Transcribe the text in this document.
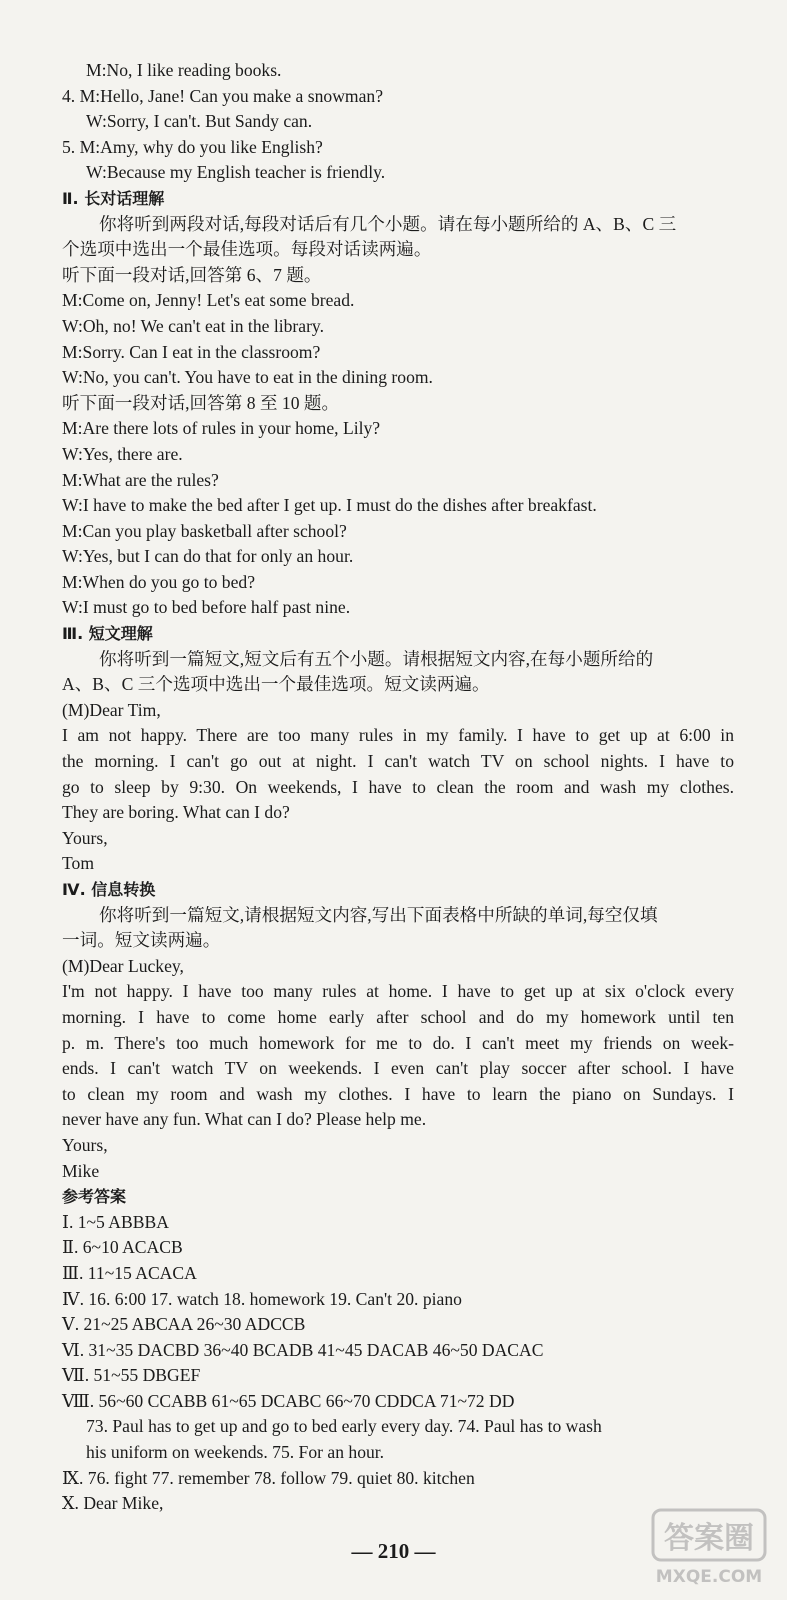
M:No, I like reading books.
4. M:Hello, Jane! Can you make a snowman?
W:Sorry, I can't. But Sandy can.
5. M:Amy, why do you like English?
W:Because my English teacher is friendly.
Ⅱ. 长对话理解
你将听到两段对话,每段对话后有几个小题。请在每小题所给的 A、B、C 三
个选项中选出一个最佳选项。每段对话读两遍。
听下面一段对话,回答第 6、7 题。
M:Come on, Jenny! Let's eat some bread.
W:Oh, no! We can't eat in the library.
M:Sorry. Can I eat in the classroom?
W:No, you can't. You have to eat in the dining room.
听下面一段对话,回答第 8 至 10 题。
M:Are there lots of rules in your home, Lily?
W:Yes, there are.
M:What are the rules?
W:I have to make the bed after I get up. I must do the dishes after breakfast.
M:Can you play basketball after school?
W:Yes, but I can do that for only an hour.
M:When do you go to bed?
W:I must go to bed before half past nine.
Ⅲ. 短文理解
你将听到一篇短文,短文后有五个小题。请根据短文内容,在每小题所给的
A、B、C 三个选项中选出一个最佳选项。短文读两遍。
(M)Dear Tim,
I am not happy. There are too many rules in my family. I have to get up at 6:00 in
the morning. I can't go out at night. I can't watch TV on school nights. I have to
go to sleep by 9:30. On weekends, I have to clean the room and wash my clothes.
They are boring. What can I do?
Yours,
Tom
Ⅳ. 信息转换
你将听到一篇短文,请根据短文内容,写出下面表格中所缺的单词,每空仅填
一词。短文读两遍。
(M)Dear Luckey,
I'm not happy. I have too many rules at home. I have to get up at six o'clock every
morning. I have to come home early after school and do my homework until ten
p. m. There's too much homework for me to do. I can't meet my friends on week-
ends. I can't watch TV on weekends. I even can't play soccer after school. I have
to clean my room and wash my clothes. I have to learn the piano on Sundays. I
never have any fun. What can I do? Please help me.
Yours,
Mike
参考答案
Ⅰ. 1~5 ABBBA
Ⅱ. 6~10 ACACB
Ⅲ. 11~15 ACACA
Ⅳ. 16. 6:00 17. watch 18. homework 19. Can't 20. piano
Ⅴ. 21~25 ABCAA 26~30 ADCCB
Ⅵ. 31~35 DACBD 36~40 BCADB 41~45 DACAB 46~50 DACAC
Ⅶ. 51~55 DBGEF
Ⅷ. 56~60 CCABB 61~65 DCABC 66~70 CDDCA 71~72 DD
73. Paul has to get up and go to bed early every day. 74. Paul has to wash
his uniform on weekends. 75. For an hour.
Ⅸ. 76. fight 77. remember 78. follow 79. quiet 80. kitchen
Ⅹ. Dear Mike,
— 210 —	答案圈
MXQE.COM
